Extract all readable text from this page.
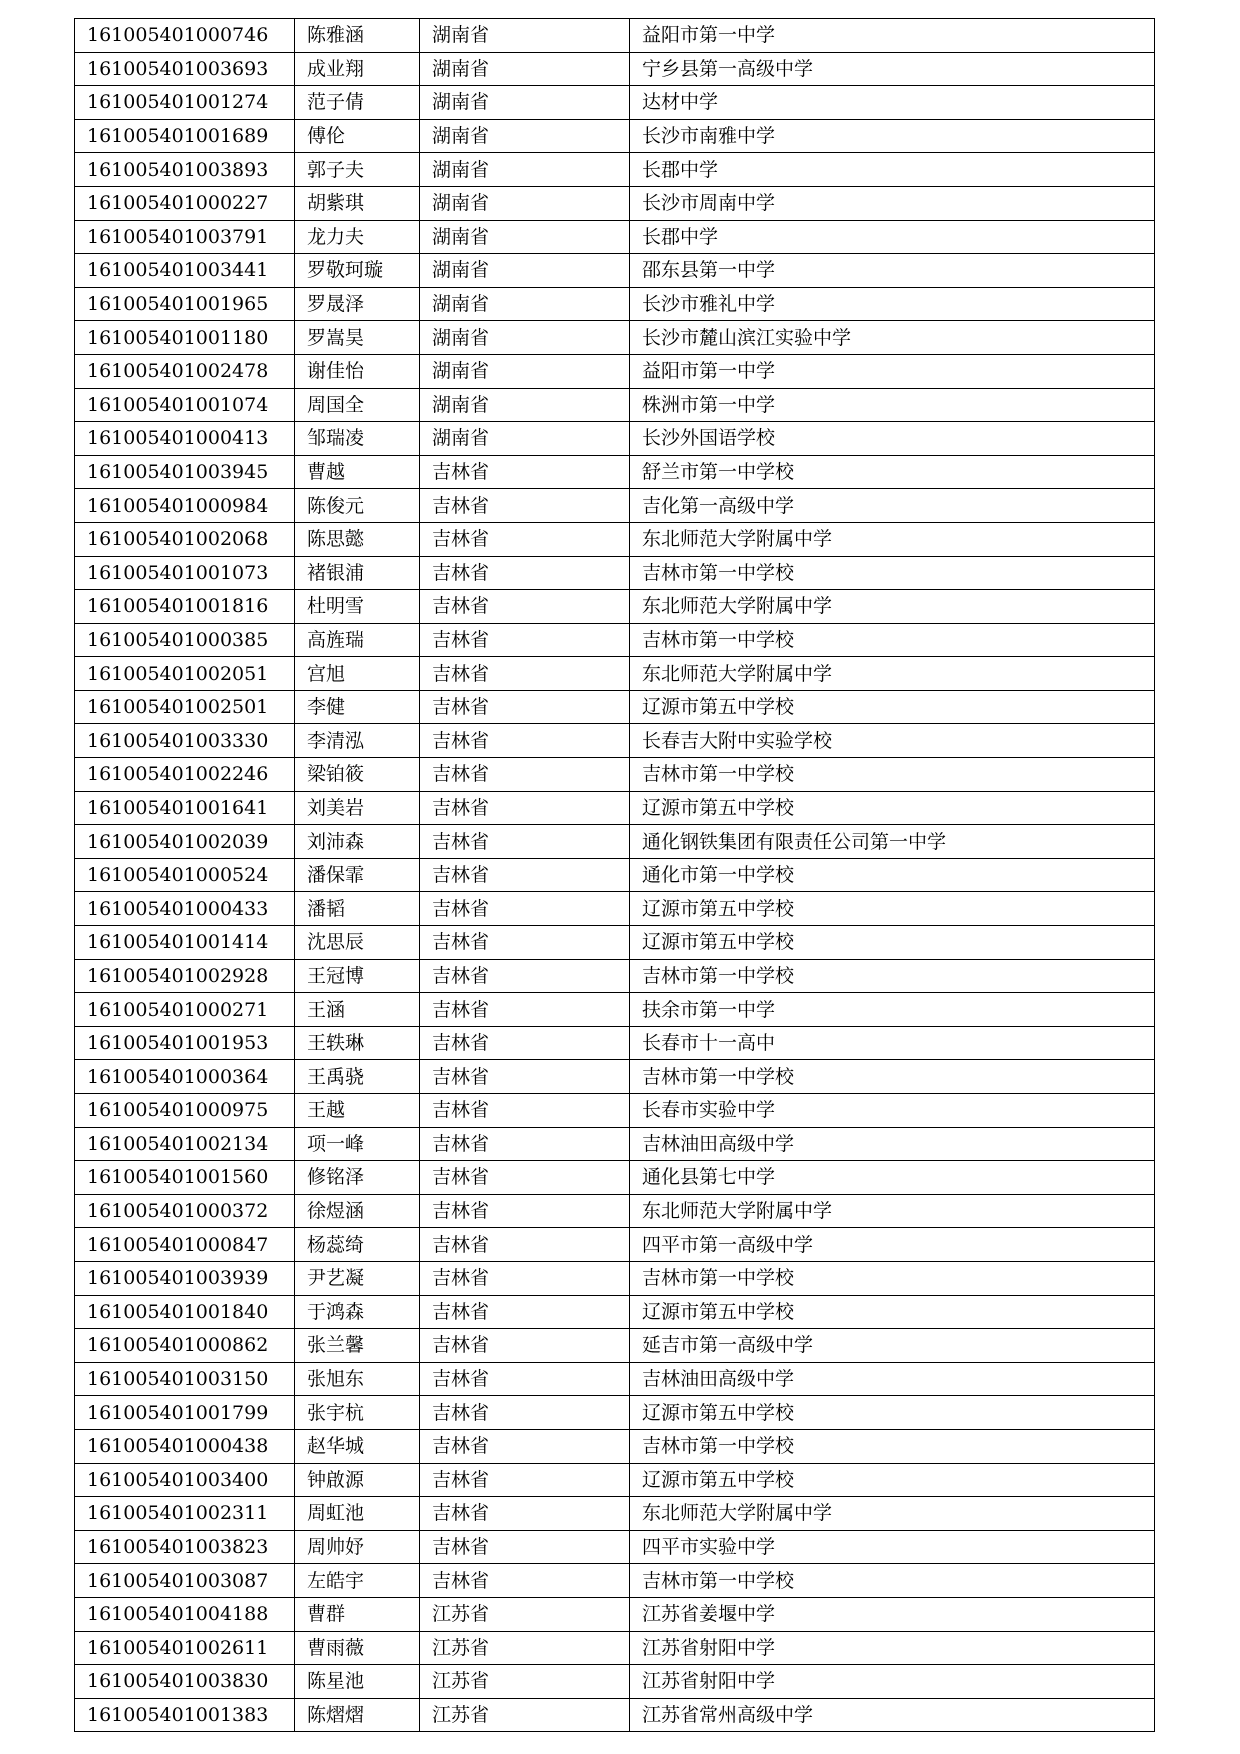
161005401000746	陈雅涵	湖南省	益阳市第一中学
161005401003693	成业翔	湖南省	宁乡县第一高级中学
161005401001274	范子倩	湖南省	达材中学
161005401001689	傅伦	湖南省	长沙市南雅中学
161005401003893	郭子夫	湖南省	长郡中学
161005401000227	胡紫琪	湖南省	长沙市周南中学
161005401003791	龙力夫	湖南省	长郡中学
161005401003441	罗敬珂璇	湖南省	邵东县第一中学
161005401001965	罗晟泽	湖南省	长沙市雅礼中学
161005401001180	罗嵩昊	湖南省	长沙市麓山滨江实验中学
161005401002478	谢佳怡	湖南省	益阳市第一中学
161005401001074	周国全	湖南省	株洲市第一中学
161005401000413	邹瑞凌	湖南省	长沙外国语学校
161005401003945	曹越	吉林省	舒兰市第一中学校
161005401000984	陈俊元	吉林省	吉化第一高级中学
161005401002068	陈思懿	吉林省	东北师范大学附属中学
161005401001073	褚银浦	吉林省	吉林市第一中学校
161005401001816	杜明雪	吉林省	东北师范大学附属中学
161005401000385	高旌瑞	吉林省	吉林市第一中学校
161005401002051	宫旭	吉林省	东北师范大学附属中学
161005401002501	李健	吉林省	辽源市第五中学校
161005401003330	李清泓	吉林省	长春吉大附中实验学校
161005401002246	梁铂筱	吉林省	吉林市第一中学校
161005401001641	刘美岩	吉林省	辽源市第五中学校
161005401002039	刘沛森	吉林省	通化钢铁集团有限责任公司第一中学
161005401000524	潘保霏	吉林省	通化市第一中学校
161005401000433	潘韬	吉林省	辽源市第五中学校
161005401001414	沈思辰	吉林省	辽源市第五中学校
161005401002928	王冠博	吉林省	吉林市第一中学校
161005401000271	王涵	吉林省	扶余市第一中学
161005401001953	王轶琳	吉林省	长春市十一高中
161005401000364	王禹骁	吉林省	吉林市第一中学校
161005401000975	王越	吉林省	长春市实验中学
161005401002134	项一峰	吉林省	吉林油田高级中学
161005401001560	修铭泽	吉林省	通化县第七中学
161005401000372	徐煜涵	吉林省	东北师范大学附属中学
161005401000847	杨蕊绮	吉林省	四平市第一高级中学
161005401003939	尹艺凝	吉林省	吉林市第一中学校
161005401001840	于鸿森	吉林省	辽源市第五中学校
161005401000862	张兰馨	吉林省	延吉市第一高级中学
161005401003150	张旭东	吉林省	吉林油田高级中学
161005401001799	张宇杭	吉林省	辽源市第五中学校
161005401000438	赵华城	吉林省	吉林市第一中学校
161005401003400	钟啟源	吉林省	辽源市第五中学校
161005401002311	周虹池	吉林省	东北师范大学附属中学
161005401003823	周帅妤	吉林省	四平市实验中学
161005401003087	左皓宇	吉林省	吉林市第一中学校
161005401004188	曹群	江苏省	江苏省姜堰中学
161005401002611	曹雨薇	江苏省	江苏省射阳中学
161005401003830	陈星池	江苏省	江苏省射阳中学
161005401001383	陈熠熠	江苏省	江苏省常州高级中学
